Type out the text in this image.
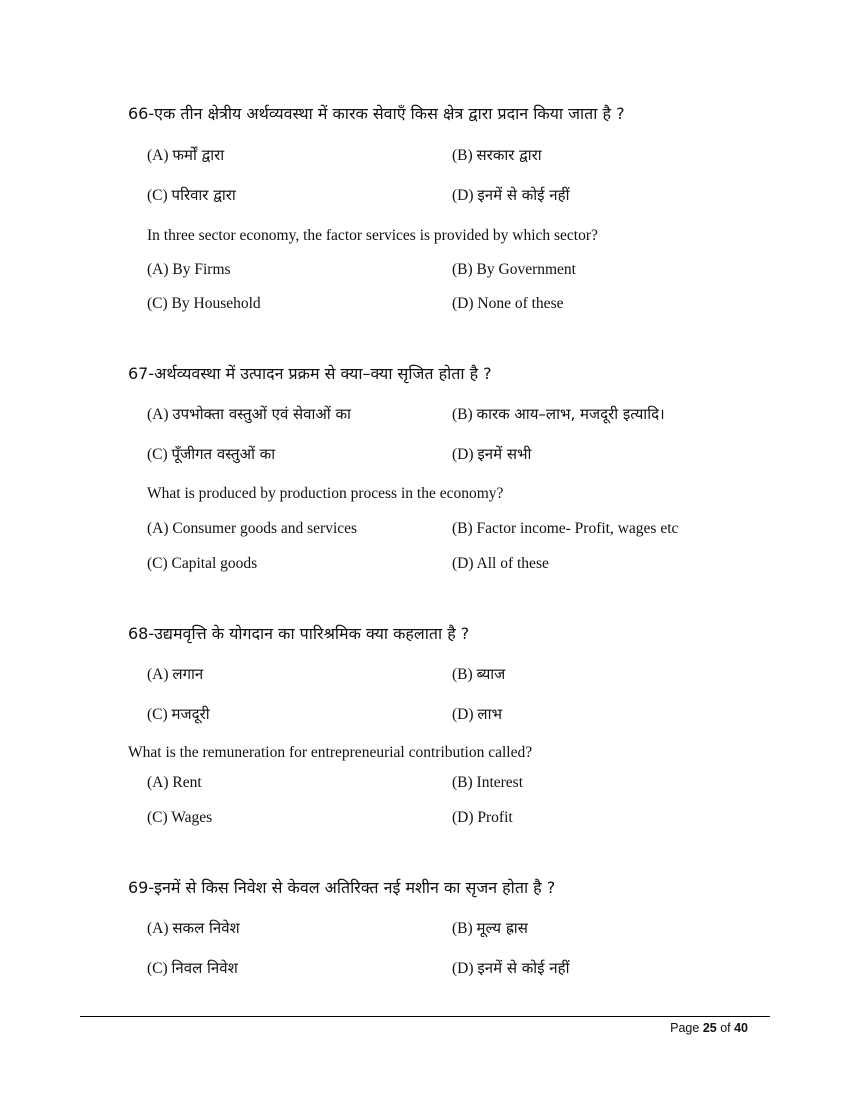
66-एक तीन क्षेत्रीय अर्थव्यवस्था में कारक सेवाएँ किस क्षेत्र द्वारा प्रदान किया जाता है ?
(A) फर्मों द्वारा	(B) सरकार द्वारा
(C) परिवार द्वारा	(D) इनमें से कोई नहीं
In three sector economy, the factor services is provided by which sector?
(A) By Firms	(B) By Government
(C) By Household	(D) None of these
67-अर्थव्यवस्था में उत्पादन प्रक्रम से क्या–क्या सृजित होता है ?
(A) उपभोक्ता वस्तुओं एवं सेवाओं का	(B) कारक आय–लाभ, मजदूरी इत्यादि।
(C) पूँजीगत वस्तुओं का	(D) इनमें सभी
What is produced by production process in the economy?
(A) Consumer goods and services	(B) Factor income- Profit, wages etc
(C) Capital goods	(D) All of these
68-उद्यमवृत्ति के योगदान का पारिश्रमिक क्या कहलाता है ?
(A) लगान	(B) ब्याज
(C) मजदूरी	(D) लाभ
What is the remuneration for entrepreneurial contribution called?
(A) Rent	(B) Interest
(C) Wages	(D) Profit
69-इनमें से किस निवेश से केवल अतिरिक्त नई मशीन का सृजन होता है ?
(A) सकल निवेश	(B) मूल्य ह्रास
(C) निवल निवेश	(D) इनमें से कोई नहीं
Page 25 of 40
